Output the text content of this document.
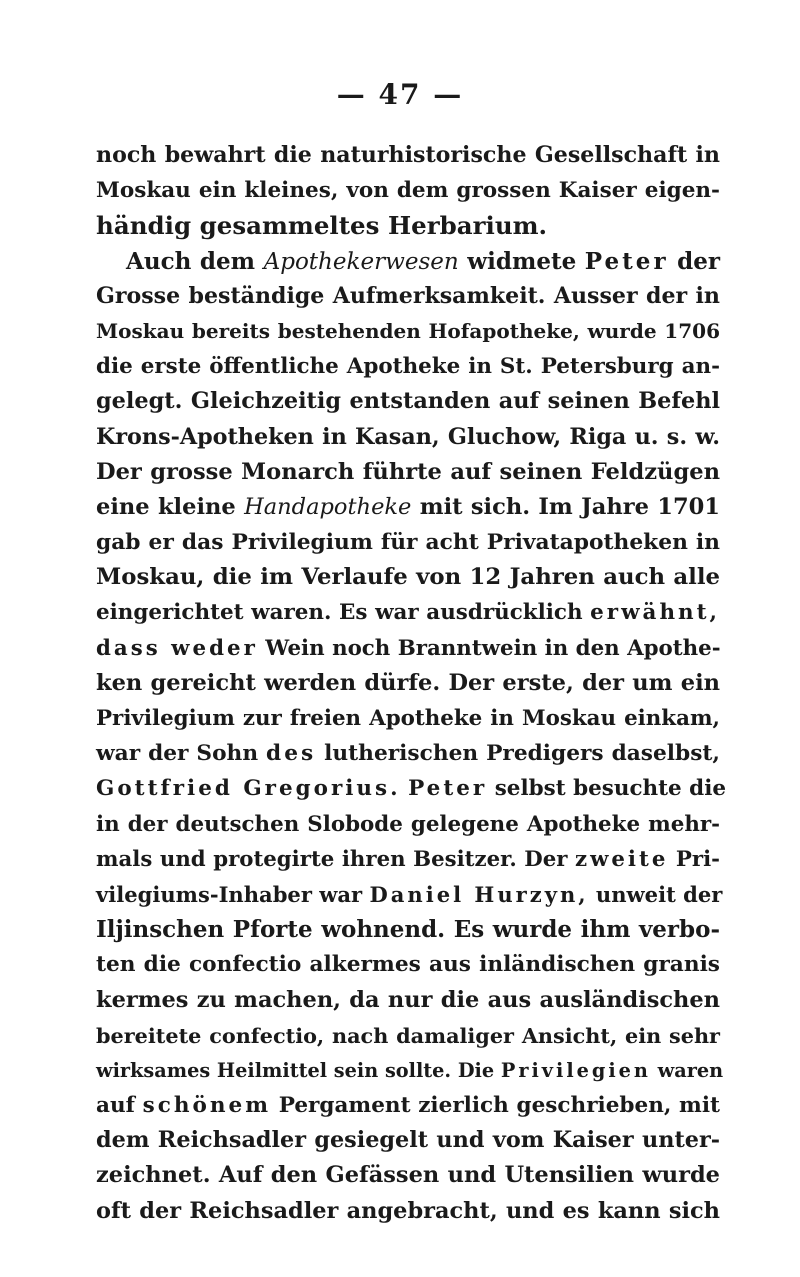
— 47 —
noch bewahrt die naturhistorische Gesellschaft in
Moskau ein kleines, von dem grossen Kaiser eigen-
händig gesammeltes Herbarium.
Auch dem Apothekerwesen widmete Peter der
Grosse beständige Aufmerksamkeit. Ausser der in
Moskau bereits bestehenden Hofapotheke, wurde 1706
die erste öffentliche Apotheke in St. Petersburg an-
gelegt. Gleichzeitig entstanden auf seinen Befehl
Krons-Apotheken in Kasan, Gluchow, Riga u. s. w.
Der grosse Monarch führte auf seinen Feldzügen
eine kleine Handapotheke mit sich. Im Jahre 1701
gab er das Privilegium für acht Privatapotheken in
Moskau, die im Verlaufe von 12 Jahren auch alle
eingerichtet waren. Es war ausdrücklich erwähnt,
dass weder Wein noch Branntwein in den Apothe-
ken gereicht werden dürfe. Der erste, der um ein
Privilegium zur freien Apotheke in Moskau einkam,
war der Sohn des lutherischen Predigers daselbst,
Gottfried Gregorius. Peter selbst besuchte die
in der deutschen Slobode gelegene Apotheke mehr-
mals und protegirte ihren Besitzer. Der zweite Pri-
vilegiums-Inhaber war Daniel Hurzyn, unweit der
Iljinschen Pforte wohnend. Es wurde ihm verbo-
ten die confectio alkermes aus inländischen granis
kermes zu machen, da nur die aus ausländischen
bereitete confectio, nach damaliger Ansicht, ein sehr
wirksames Heilmittel sein sollte. Die Privilegien waren
auf schönem Pergament zierlich geschrieben, mit
dem Reichsadler gesiegelt und vom Kaiser unter-
zeichnet. Auf den Gefässen und Utensilien wurde
oft der Reichsadler angebracht, und es kann sich
